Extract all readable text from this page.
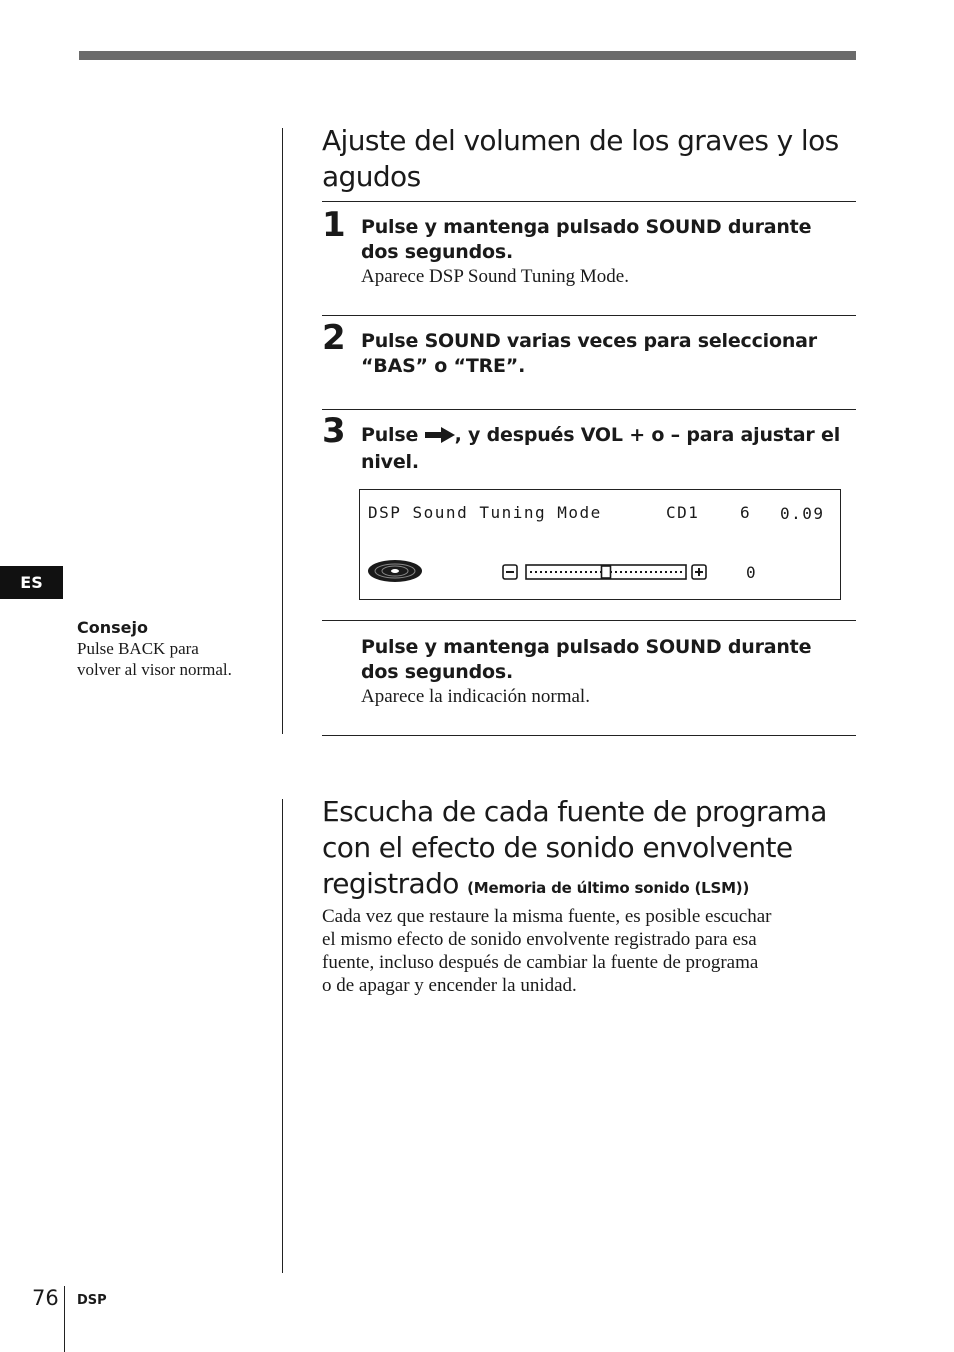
ES
Consejo
Pulse BACK para
volver al visor normal.
Ajuste del volumen de los graves y los
agudos
1 Pulse y mantenga pulsado SOUND durante
dos segundos.
Aparece DSP Sound Tuning Mode.
2 Pulse SOUND varias veces para seleccionar
“BAS” o “TRE”.
3 Pulse , y después VOL + o – para ajustar el
nivel.
DSP Sound Tuning Mode	CD1	6 0.09
0
Pulse y mantenga pulsado SOUND durante
dos segundos.
Aparece la indicación normal.
Escucha de cada fuente de programa
con el efecto de sonido envolvente
registrado (Memoria de último sonido (LSM))
Cada vez que restaure la misma fuente, es posible escuchar
el mismo efecto de sonido envolvente registrado para esa
fuente, incluso después de cambiar la fuente de programa
o de apagar y encender la unidad.
76 DSP
